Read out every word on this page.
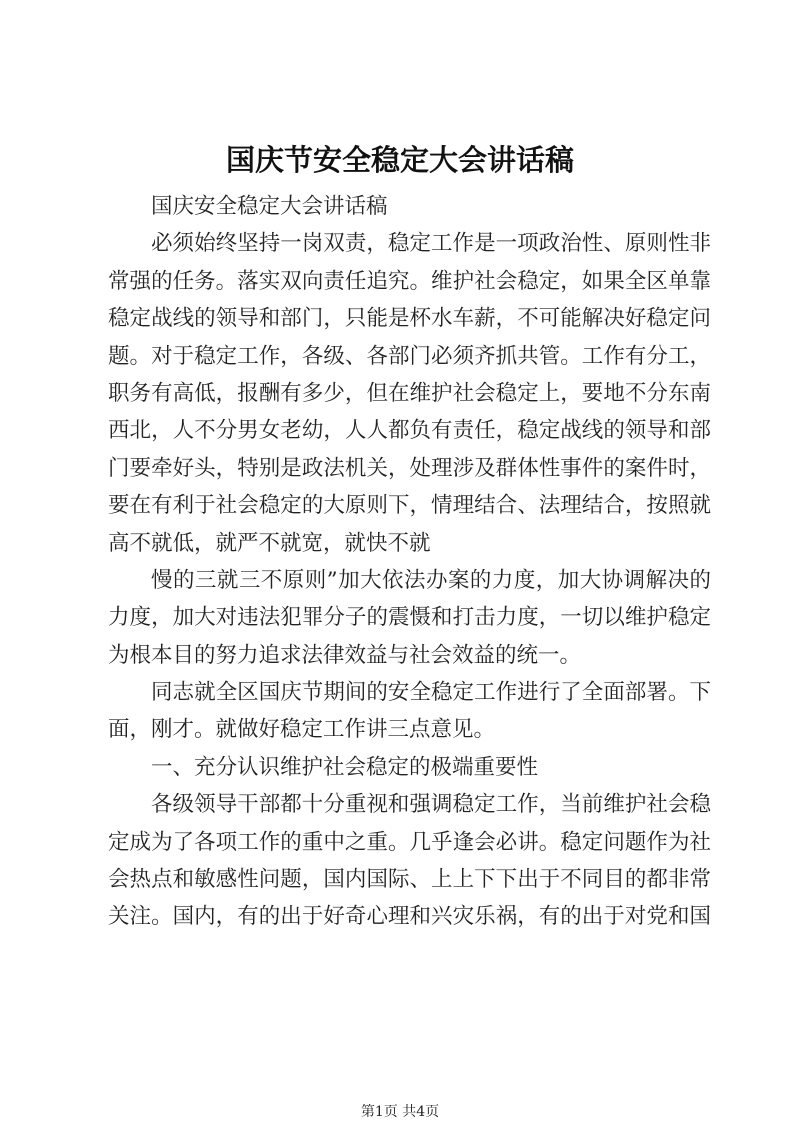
国庆节安全稳定大会讲话稿
国庆安全稳定大会讲话稿
必须始终坚持一岗双责，稳定工作是一项政治性、原则性非
常强的任务。落实双向责任追究。维护社会稳定，如果全区单靠
稳定战线的领导和部门，只能是杯水车薪，不可能解决好稳定问
题。对于稳定工作，各级、各部门必须齐抓共管。工作有分工，
职务有高低，报酬有多少，但在维护社会稳定上，要地不分东南
西北，人不分男女老幼，人人都负有责任，稳定战线的领导和部
门要牵好头，特别是政法机关，处理涉及群体性事件的案件时，
要在有利于社会稳定的大原则下，情理结合、法理结合，按照就
高不就低，就严不就宽，就快不就
慢的三就三不原则”加大依法办案的力度，加大协调解决的
力度，加大对违法犯罪分子的震慑和打击力度，一切以维护稳定
为根本目的努力追求法律效益与社会效益的统一。
同志就全区国庆节期间的安全稳定工作进行了全面部署。下
面，刚才。就做好稳定工作讲三点意见。
一、充分认识维护社会稳定的极端重要性
各级领导干部都十分重视和强调稳定工作，当前维护社会稳
定成为了各项工作的重中之重。几乎逢会必讲。稳定问题作为社
会热点和敏感性问题，国内国际、上上下下出于不同目的都非常
关注。国内，有的出于好奇心理和兴灾乐祸，有的出于对党和国
第1页 共4页
